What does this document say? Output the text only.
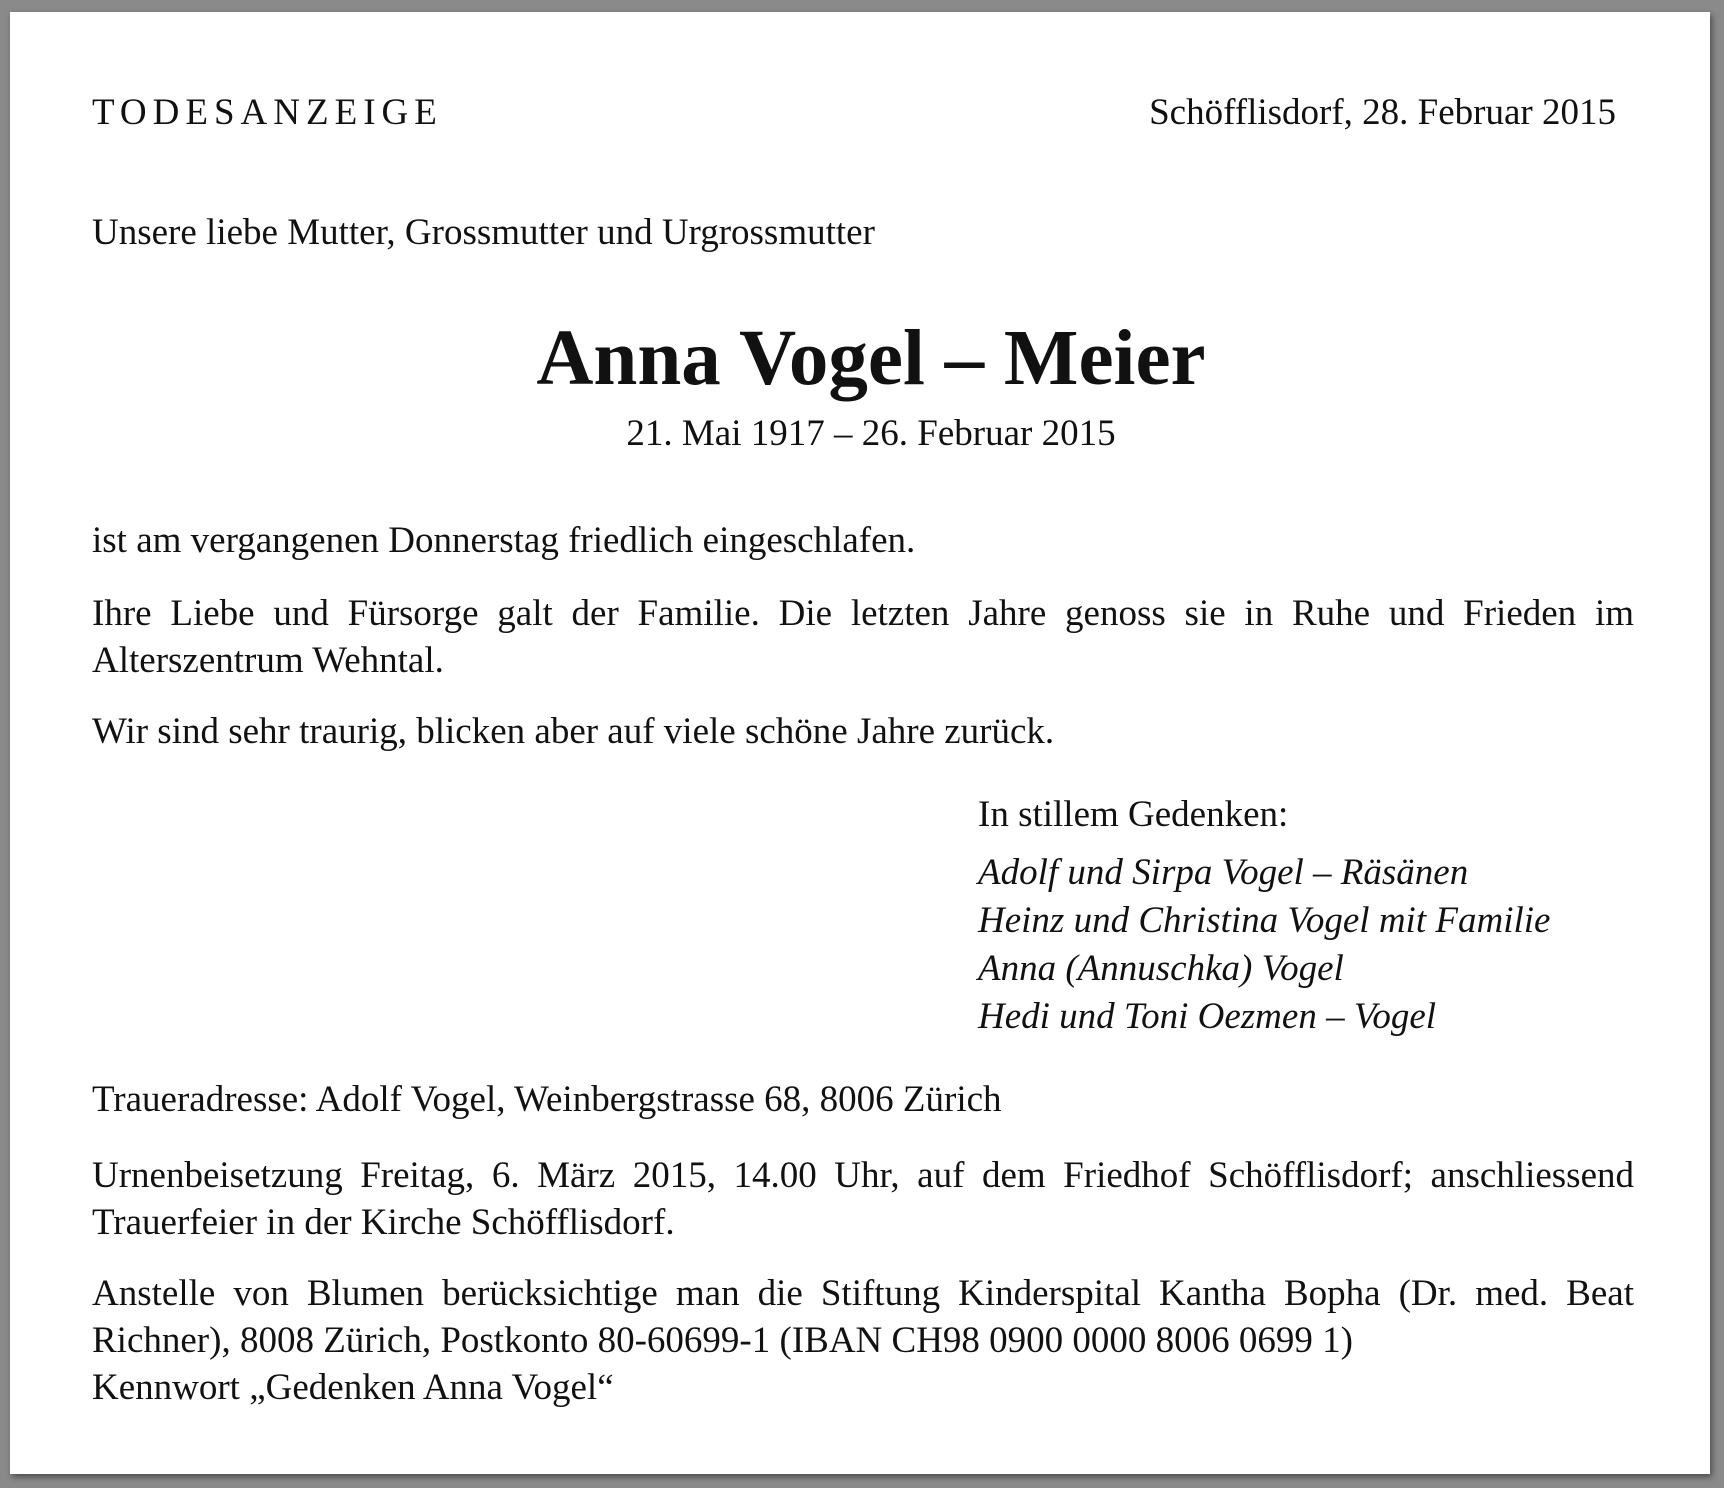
TODESANZEIGE	Schöfflisdorf, 28. Februar 2015

Unsere liebe Mutter, Grossmutter und Urgrossmutter

Anna Vogel – Meier

21. Mai 1917 – 26. Februar 2015

ist am vergangenen Donnerstag friedlich eingeschlafen.

Ihre Liebe und Fürsorge galt der Familie. Die letzten Jahre genoss sie in Ruhe und Frieden im Alterszentrum Wehntal.

Wir sind sehr traurig, blicken aber auf viele schöne Jahre zurück.

In stillem Gedenken:

Adolf und Sirpa Vogel – Räsänen
Heinz und Christina Vogel mit Familie
Anna (Annuschka) Vogel
Hedi und Toni Oezmen – Vogel

Traueradresse: Adolf Vogel, Weinbergstrasse 68, 8006 Zürich

Urnenbeisetzung Freitag, 6. März 2015, 14.00 Uhr, auf dem Friedhof Schöfflisdorf; anschliessend Trauerfeier in der Kirche Schöfflisdorf.

Anstelle von Blumen berücksichtige man die Stiftung Kinderspital Kantha Bopha (Dr. med. Beat Richner), 8008 Zürich, Postkonto 80-60699-1 (IBAN CH98 0900 0000 8006 0699 1)
Kennwort „Gedenken Anna Vogel“
